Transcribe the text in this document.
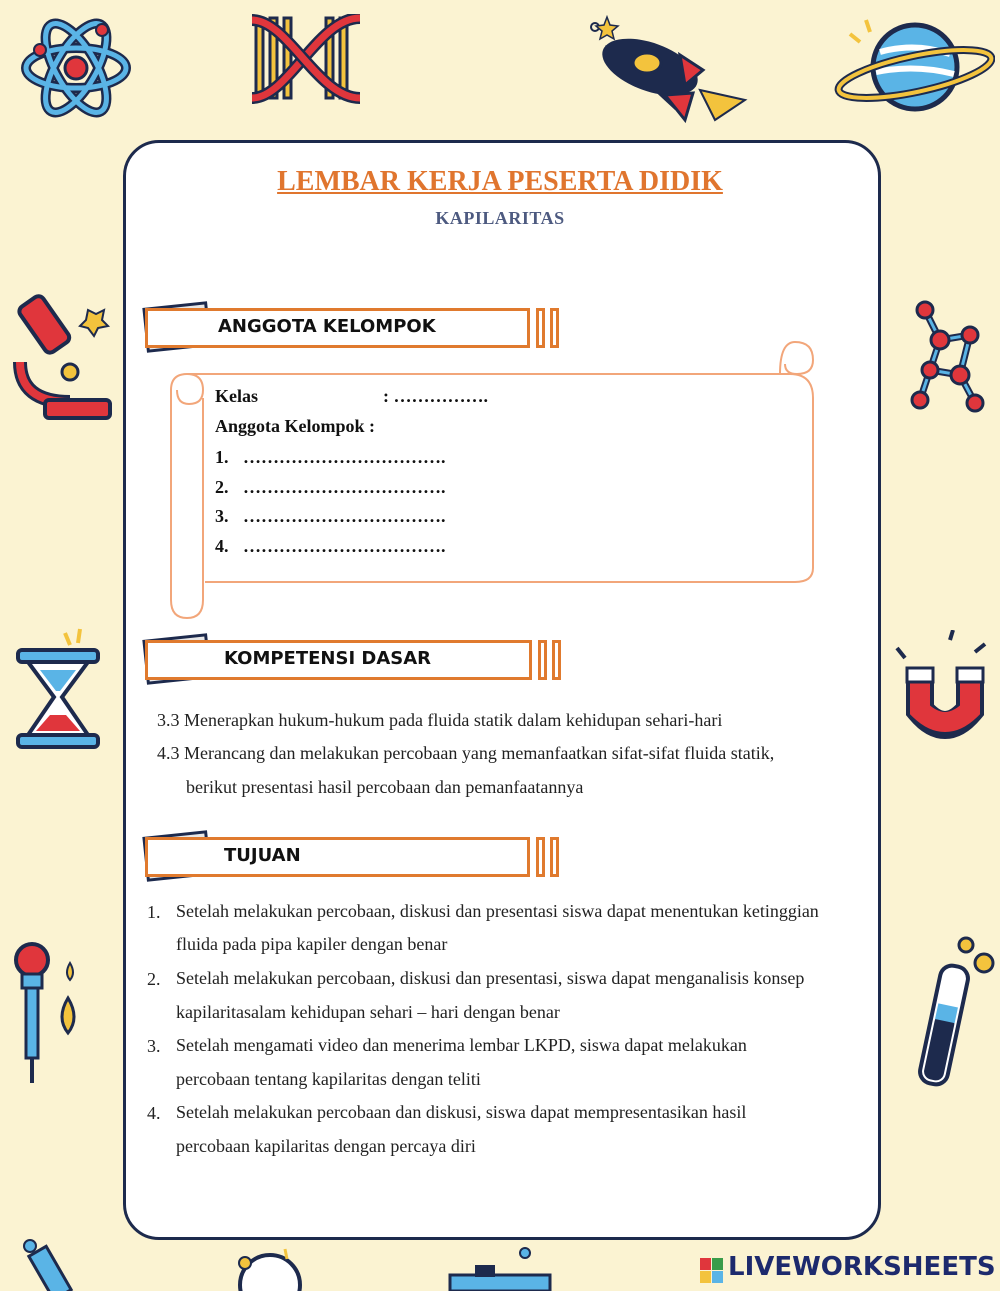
LEMBAR KERJA PESERTA DIDIK
KAPILARITAS
ANGGOTA KELOMPOK
Kelas	: …………….
Anggota Kelompok :
1. …………………………….
2. …………………………….
3. …………………………….
4. …………………………….
KOMPETENSI DASAR
3.3 Menerapkan hukum-hukum pada fluida statik dalam kehidupan sehari-hari
4.3 Merancang dan melakukan percobaan yang memanfaatkan sifat-sifat fluida statik,
berikut presentasi hasil percobaan dan pemanfaatannya
TUJUAN
1. Setelah melakukan percobaan, diskusi dan presentasi siswa dapat menentukan ketinggian
fluida pada pipa kapiler dengan benar
2. Setelah melakukan percobaan, diskusi dan presentasi, siswa dapat menganalisis konsep
kapilaritasalam kehidupan sehari – hari dengan benar
3. Setelah mengamati video dan menerima lembar LKPD, siswa dapat melakukan
percobaan tentang kapilaritas dengan teliti
4. Setelah melakukan percobaan dan diskusi, siswa dapat mempresentasikan hasil
percobaan kapilaritas dengan percaya diri
LIVEWORKSHEETS
